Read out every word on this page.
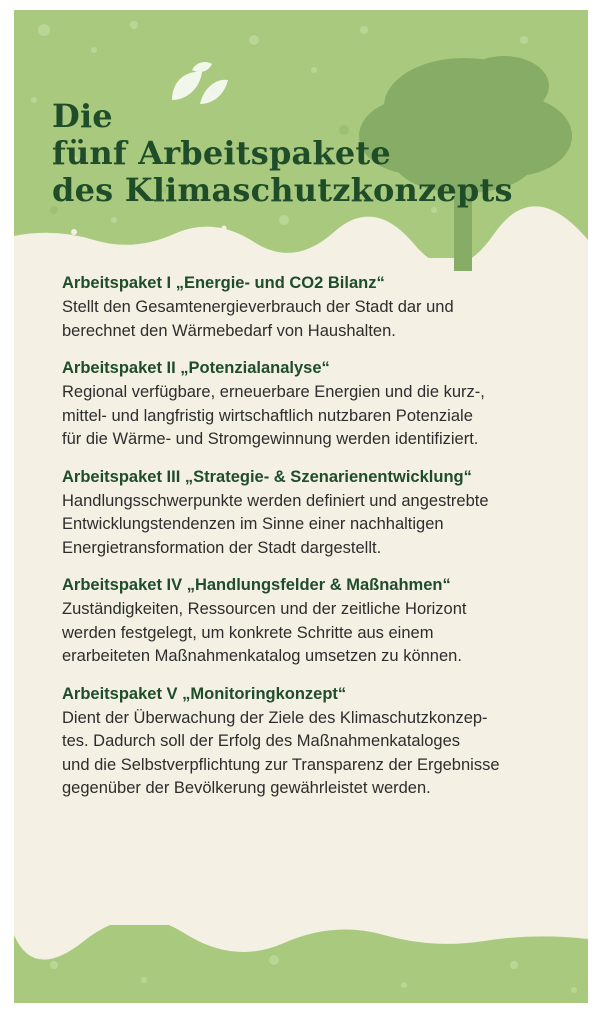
Die
fünf Arbeitspakete
des Klimaschutzkonzepts
Arbeitspaket I „Energie- und CO2 Bilanz“

Stellt den Gesamtenergieverbrauch der Stadt dar und
berechnet den Wärmebedarf von Haushalten.

Arbeitspaket II „Potenzialanalyse“

Regional verfügbare, erneuerbare Energien und die kurz-,
mittel- und langfristig wirtschaftlich nutzbaren Potenziale
für die Wärme- und Stromgewinnung werden identifiziert.

Arbeitspaket III „Strategie- & Szenarienentwicklung“

Handlungsschwerpunkte werden definiert und angestrebte
Entwicklungstendenzen im Sinne einer nachhaltigen
Energietransformation der Stadt dargestellt.

Arbeitspaket IV „Handlungsfelder & Maßnahmen“

Zuständigkeiten, Ressourcen und der zeitliche Horizont
werden festgelegt, um konkrete Schritte aus einem
erarbeiteten Maßnahmenkatalog umsetzen zu können.

Arbeitspaket V „Monitoringkonzept“

Dient der Überwachung der Ziele des Klimaschutzkonzep-
tes. Dadurch soll der Erfolg des Maßnahmenkataloges
und die Selbstverpflichtung zur Transparenz der Ergebnisse
gegenüber der Bevölkerung gewährleistet werden.
